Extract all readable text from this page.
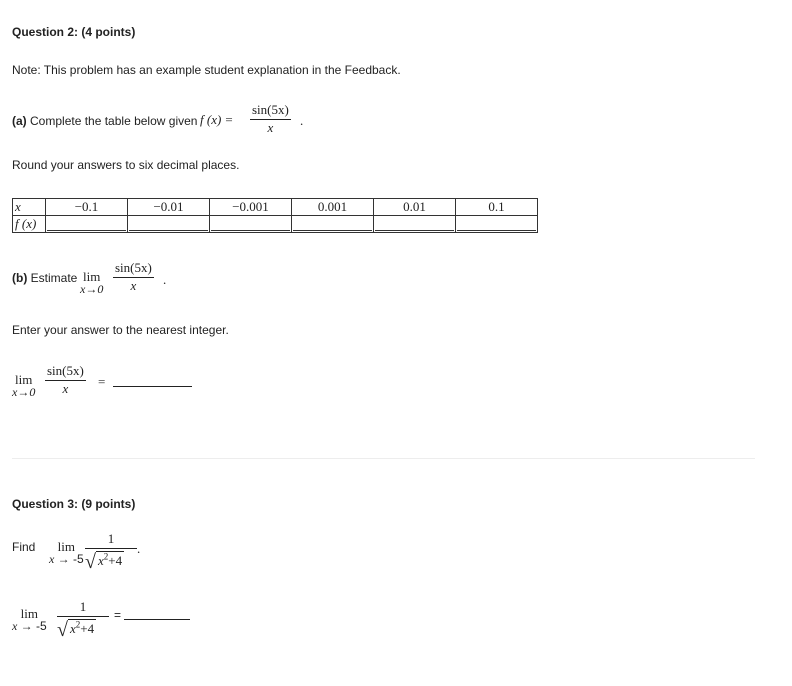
Question 2: (4 points)
Note: This problem has an example student explanation in the Feedback.
(a) Complete the table below given f (x) =
sin(5x)
x	.
Round your answers to six decimal places.
x	−0.1	−0.01	−0.001	0.001	0.01	0.1
f (x)	

(b) Estimate lim
x→0
sin(5x)
x	.
Enter your answer to the nearest integer.
lim
x→0
sin(5x)
x	=
Question 3: (9 points)
Find	lim
x → -5
1
√ $x^2+4$
.
lim
x → -5
1
√ $x^2+4$
=
